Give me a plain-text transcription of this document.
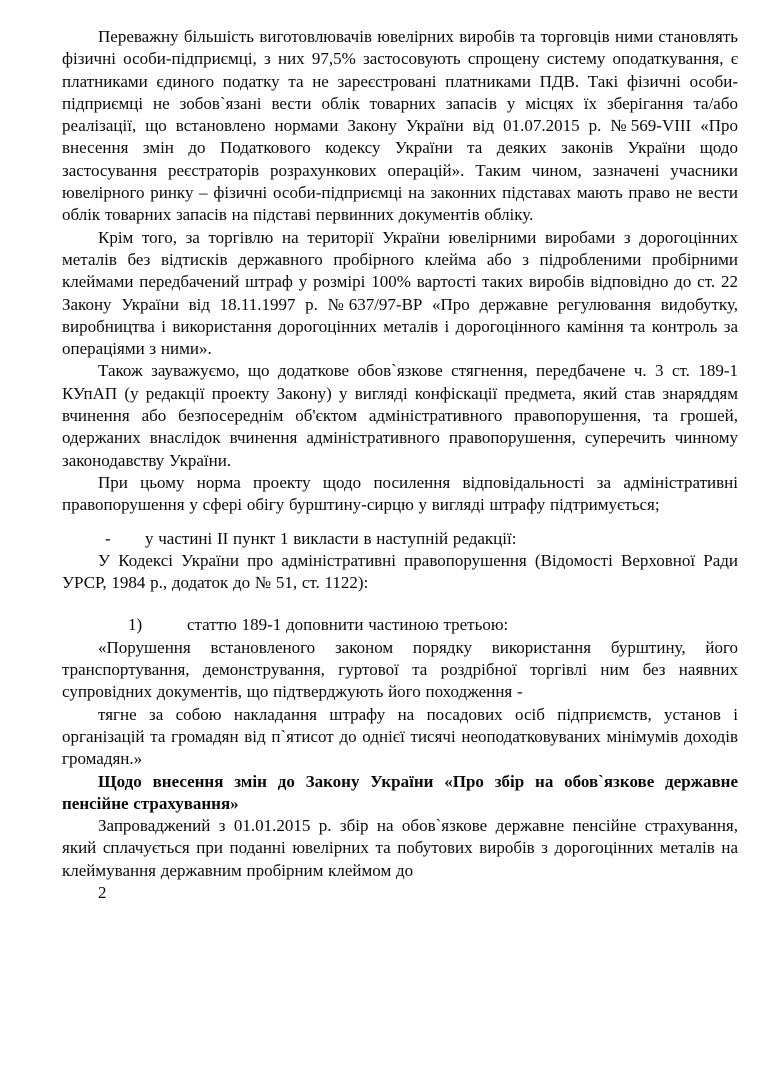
Переважну більшість виготовлювачів ювелірних виробів та торговців ними становлять фізичні особи-підприємці, з них 97,5% застосовують спрощену систему оподаткування, є платниками єдиного податку та не зареєстровані платниками ПДВ. Такі фізичні особи-підприємці не зобов`язані вести облік товарних запасів у місцях їх зберігання та/або реалізації, що встановлено нормами Закону України від 01.07.2015 р. №569-VIII «Про внесення змін до Податкового кодексу України та деяких законів України щодо застосування реєстраторів розрахункових операцій». Таким чином, зазначені учасники ювелірного ринку – фізичні особи-підприємці на законних підставах мають право не вести облік товарних запасів на підставі первинних документів обліку.

Крім того, за торгівлю на території України ювелірними виробами з дорогоцінних металів без відтисків державного пробірного клейма або з підробленими пробірними клеймами передбачений штраф у розмірі 100% вартості таких виробів відповідно до ст. 22 Закону України від 18.11.1997 р. №637/97-ВР «Про державне регулювання видобутку, виробництва і використання дорогоцінних металів і дорогоцінного каміння та контроль за операціями з ними».

Також зауважуємо, що додаткове обов`язкове стягнення, передбачене ч. 3 ст. 189-1 КУпАП (у редакції проекту Закону) у вигляді конфіскації предмета, який став знаряддям вчинення або безпосереднім об'єктом адміністративного правопорушення, та грошей, одержаних внаслідок вчинення адміністративного правопорушення, суперечить чинному законодавству України.

При цьому норма проекту щодо посилення відповідальності за адміністративні правопорушення у сфері обігу бурштину-сирцю у вигляді штрафу підтримується;

- у частині II пункт 1 викласти в наступній редакції:

У Кодексі України про адміністративні правопорушення (Відомості Верховної Ради УРСР, 1984 р., додаток до № 51, ст. 1122):

1)	статтю 189-1 доповнити частиною третьою:

«Порушення встановленого законом порядку використання бурштину, його транспортування, демонстрування, гуртової та роздрібної торгівлі ним без наявних супровідних документів, що підтверджують його походження -

тягне за собою накладання штрафу на посадових осіб підприємств, установ і організацій та громадян від п`ятисот до однієї тисячі неоподатковуваних мінімумів доходів громадян.»

Щодо внесення змін до Закону України «Про збір на обов`язкове державне пенсійне страхування»

Запроваджений з 01.01.2015 р. збір на обов`язкове державне пенсійне страхування, який сплачується при поданні ювелірних та побутових виробів з дорогоцінних металів на клеймування державним пробірним клеймом до

2
